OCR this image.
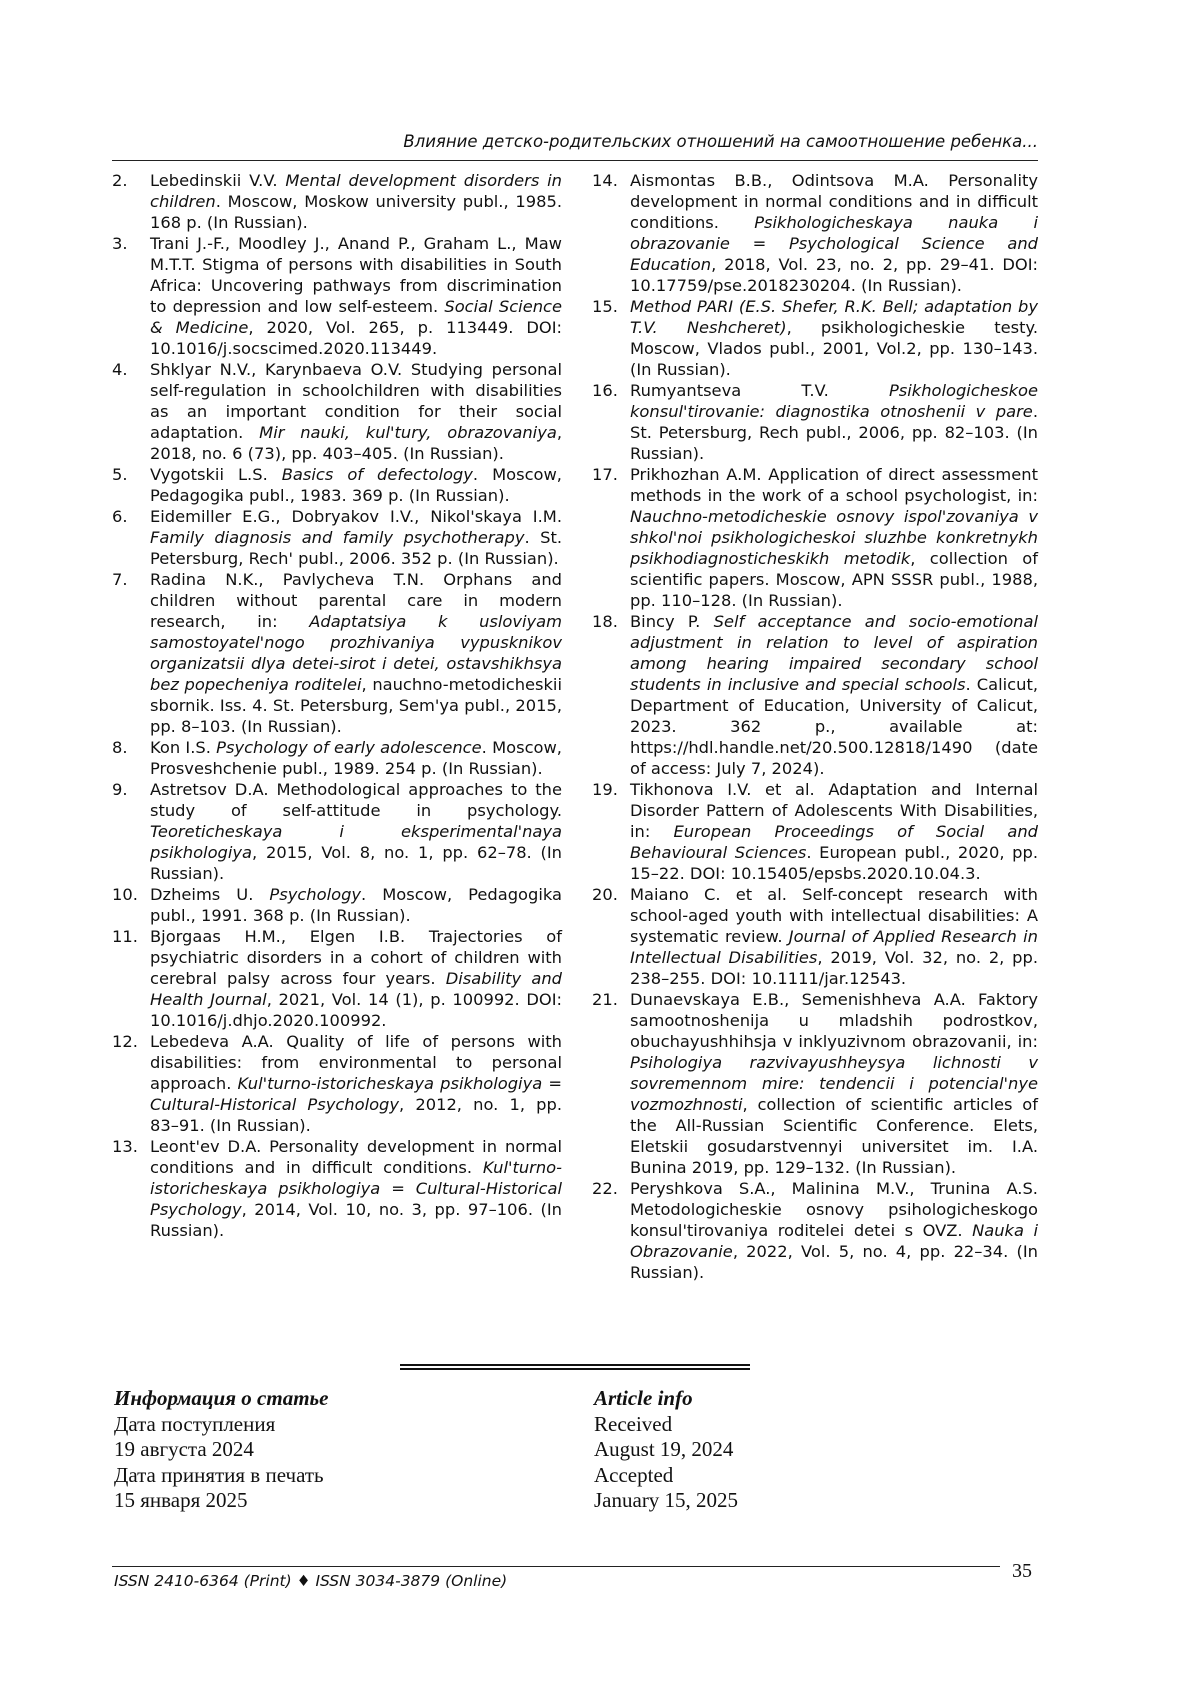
Влияние детско-родительских отношений на самоотношение ребенка...
2. Lebedinskii V.V. Mental development disorders in children. Moscow, Moskow university publ., 1985. 168 p. (In Russian).
3. Trani J.-F., Moodley J., Anand P., Graham L., Maw M.T.T. Stigma of persons with disabilities in South Africa: Uncovering pathways from discrimination to depression and low self-esteem. Social Science & Medicine, 2020, Vol. 265, p. 113449. DOI: 10.1016/j.socscimed.2020.113449.
4. Shklyar N.V., Karynbaeva O.V. Studying personal self-regulation in schoolchildren with disabilities as an important condition for their social adaptation. Mir nauki, kul'tury, obrazovaniya, 2018, no. 6 (73), pp. 403–405. (In Russian).
5. Vygotskii L.S. Basics of defectology. Moscow, Pedagogika publ., 1983. 369 p. (In Russian).
6. Eidemiller E.G., Dobryakov I.V., Nikol'skaya I.M. Family diagnosis and family psychotherapy. St. Petersburg, Rech' publ., 2006. 352 p. (In Russian).
7. Radina N.K., Pavlycheva T.N. Orphans and children without parental care in modern research, in: Adaptatsiya k usloviyam samostoyatel'nogo prozhivaniya vypusknikov organizatsii dlya detei-sirot i detei, ostavshikhsya bez popecheniya roditelei, nauchno-metodicheskii sbornik. Iss. 4. St. Petersburg, Sem'ya publ., 2015, pp. 8–103. (In Russian).
8. Kon I.S. Psychology of early adolescence. Moscow, Prosveshchenie publ., 1989. 254 p. (In Russian).
9. Astretsov D.A. Methodological approaches to the study of self-attitude in psychology. Teoreticheskaya i eksperimental'naya psikhologiya, 2015, Vol. 8, no. 1, pp. 62–78. (In Russian).
10. Dzheims U. Psychology. Moscow, Pedagogika publ., 1991. 368 p. (In Russian).
11. Bjorgaas H.M., Elgen I.B. Trajectories of psychiatric disorders in a cohort of children with cerebral palsy across four years. Disability and Health Journal, 2021, Vol. 14 (1), p. 100992. DOI: 10.1016/j.dhjo.2020.100992.
12. Lebedeva A.A. Quality of life of persons with disabilities: from environmental to personal approach. Kul'turno-istoricheskaya psikhologiya = Cultural-Historical Psychology, 2012, no. 1, pp. 83–91. (In Russian).
13. Leont'ev D.A. Personality development in normal conditions and in difficult conditions. Kul'turno-istoricheskaya psikhologiya = Cultural-Historical Psychology, 2014, Vol. 10, no. 3, pp. 97–106. (In Russian).
14. Aismontas B.B., Odintsova M.A. Personality development in normal conditions and in difficult conditions. Psikhologicheskaya nauka i obrazovanie = Psychological Science and Education, 2018, Vol. 23, no. 2, pp. 29–41. DOI: 10.17759/pse.2018230204. (In Russian).
15. Method PARI (E.S. Shefer, R.K. Bell; adaptation by T.V. Neshcheret), psikhologicheskie testy. Moscow, Vlados publ., 2001, Vol.2, pp. 130–143. (In Russian).
16. Rumyantseva T.V. Psikhologicheskoe konsul'tirovanie: diagnostika otnoshenii v pare. St. Petersburg, Rech publ., 2006, pp. 82–103. (In Russian).
17. Prikhozhan A.M. Application of direct assessment methods in the work of a school psychologist, in: Nauchno-metodicheskie osnovy ispol'zovaniya v shkol'noi psikhologicheskoi sluzhbe konkretnykh psikhodiagnosticheskikh metodik, collection of scientific papers. Moscow, APN SSSR publ., 1988, pp. 110–128. (In Russian).
18. Bincy P. Self acceptance and socio-emotional adjustment in relation to level of aspiration among hearing impaired secondary school students in inclusive and special schools. Calicut, Department of Education, University of Calicut, 2023. 362 p., available at: https://hdl.handle.net/20.500.12818/1490 (date of access: July 7, 2024).
19. Tikhonova I.V. et al. Adaptation and Internal Disorder Pattern of Adolescents With Disabilities, in: European Proceedings of Social and Behavioural Sciences. European publ., 2020, pp. 15–22. DOI: 10.15405/epsbs.2020.10.04.3.
20. Maiano C. et al. Self-concept research with school-aged youth with intellectual disabilities: A systematic review. Journal of Applied Research in Intellectual Disabilities, 2019, Vol. 32, no. 2, pp. 238–255. DOI: 10.1111/jar.12543.
21. Dunaevskaya E.B., Semenishheva A.A. Faktory samootnoshenija u mladshih podrostkov, obuchayushhihsja v inklyuzivnom obrazovanii, in: Psihologiya razvivayushheysya lichnosti v sovremennom mire: tendencii i potencial'nye vozmozhnosti, collection of scientific articles of the All-Russian Scientific Conference. Elets, Eletskii gosudarstvennyi universitet im. I.A. Bunina 2019, pp. 129–132. (In Russian).
22. Peryshkova S.A., Malinina M.V., Trunina A.S. Metodologicheskie osnovy psihologicheskogo konsul'tirovaniya roditelei detei s OVZ. Nauka i Obrazovanie, 2022, Vol. 5, no. 4, pp. 22–34. (In Russian).
Информация о статье
Дата поступления
19 августа 2024
Дата принятия в печать
15 января 2025
Article info
Received
August 19, 2024
Accepted
January 15, 2025
ISSN 2410-6364 (Print) ♦ ISSN 3034-3879 (Online)	35
